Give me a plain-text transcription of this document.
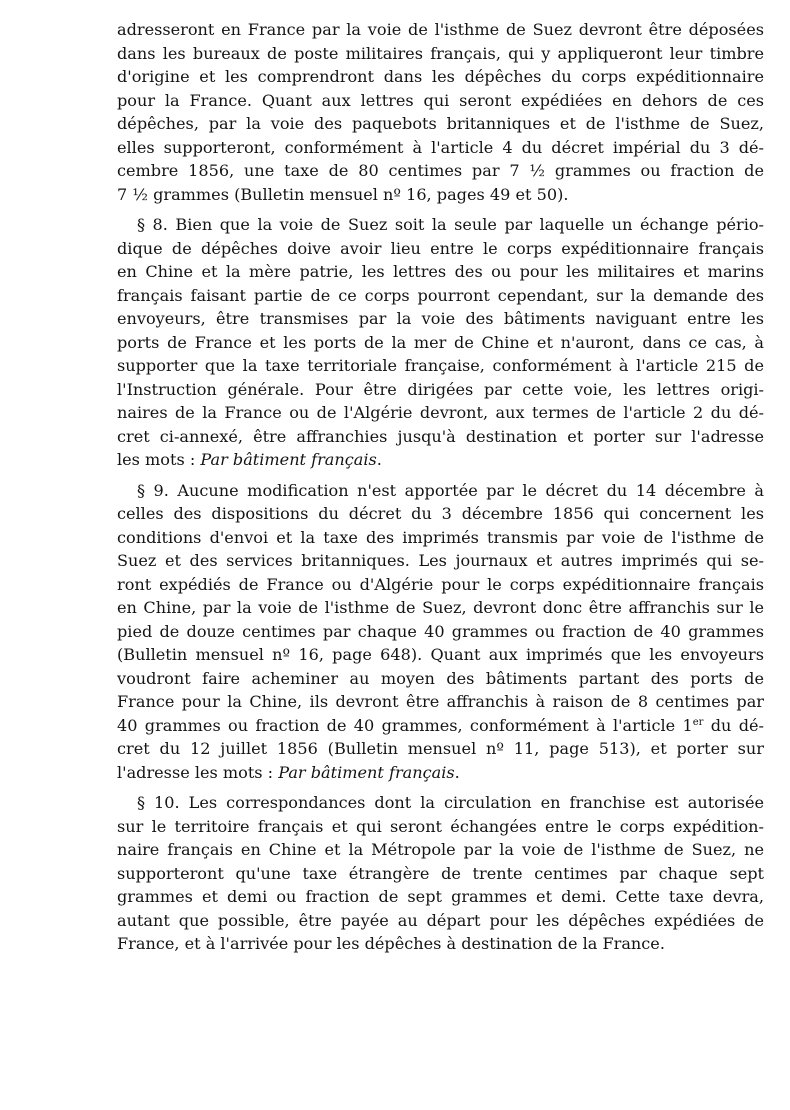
adresseront en France par la voie de l'isthme de Suez devront être déposées
dans les bureaux de poste militaires français, qui y appliqueront leur timbre
d'origine et les comprendront dans les dépêches du corps expéditionnaire
pour la France. Quant aux lettres qui seront expédiées en dehors de ces
dépêches, par la voie des paquebots britanniques et de l'isthme de Suez,
elles supporteront, conformément à l'article 4 du décret impérial du 3 dé-
cembre 1856, une taxe de 80 centimes par 7 ½ grammes ou fraction de
7 ½ grammes (Bulletin mensuel nº 16, pages 49 et 50).
§ 8. Bien que la voie de Suez soit la seule par laquelle un échange pério-
dique de dépêches doive avoir lieu entre le corps expéditionnaire français
en Chine et la mère patrie, les lettres des ou pour les militaires et marins
français faisant partie de ce corps pourront cependant, sur la demande des
envoyeurs, être transmises par la voie des bâtiments naviguant entre les
ports de France et les ports de la mer de Chine et n'auront, dans ce cas, à
supporter que la taxe territoriale française, conformément à l'article 215 de
l'Instruction générale. Pour être dirigées par cette voie, les lettres origi-
naires de la France ou de l'Algérie devront, aux termes de l'article 2 du dé-
cret ci-annexé, être affranchies jusqu'à destination et porter sur l'adresse
les mots : Par bâtiment français.
§ 9. Aucune modification n'est apportée par le décret du 14 décembre à
celles des dispositions du décret du 3 décembre 1856 qui concernent les
conditions d'envoi et la taxe des imprimés transmis par voie de l'isthme de
Suez et des services britanniques. Les journaux et autres imprimés qui se-
ront expédiés de France ou d'Algérie pour le corps expéditionnaire français
en Chine, par la voie de l'isthme de Suez, devront donc être affranchis sur le
pied de douze centimes par chaque 40 grammes ou fraction de 40 grammes
(Bulletin mensuel nº 16, page 648). Quant aux imprimés que les envoyeurs
voudront faire acheminer au moyen des bâtiments partant des ports de
France pour la Chine, ils devront être affranchis à raison de 8 centimes par
40 grammes ou fraction de 40 grammes, conformément à l'article 1er du dé-
cret du 12 juillet 1856 (Bulletin mensuel nº 11, page 513), et porter sur
l'adresse les mots : Par bâtiment français.
§ 10. Les correspondances dont la circulation en franchise est autorisée
sur le territoire français et qui seront échangées entre le corps expédition-
naire français en Chine et la Métropole par la voie de l'isthme de Suez, ne
supporteront qu'une taxe étrangère de trente centimes par chaque sept
grammes et demi ou fraction de sept grammes et demi. Cette taxe devra,
autant que possible, être payée au départ pour les dépêches expédiées de
France, et à l'arrivée pour les dépêches à destination de la France.
